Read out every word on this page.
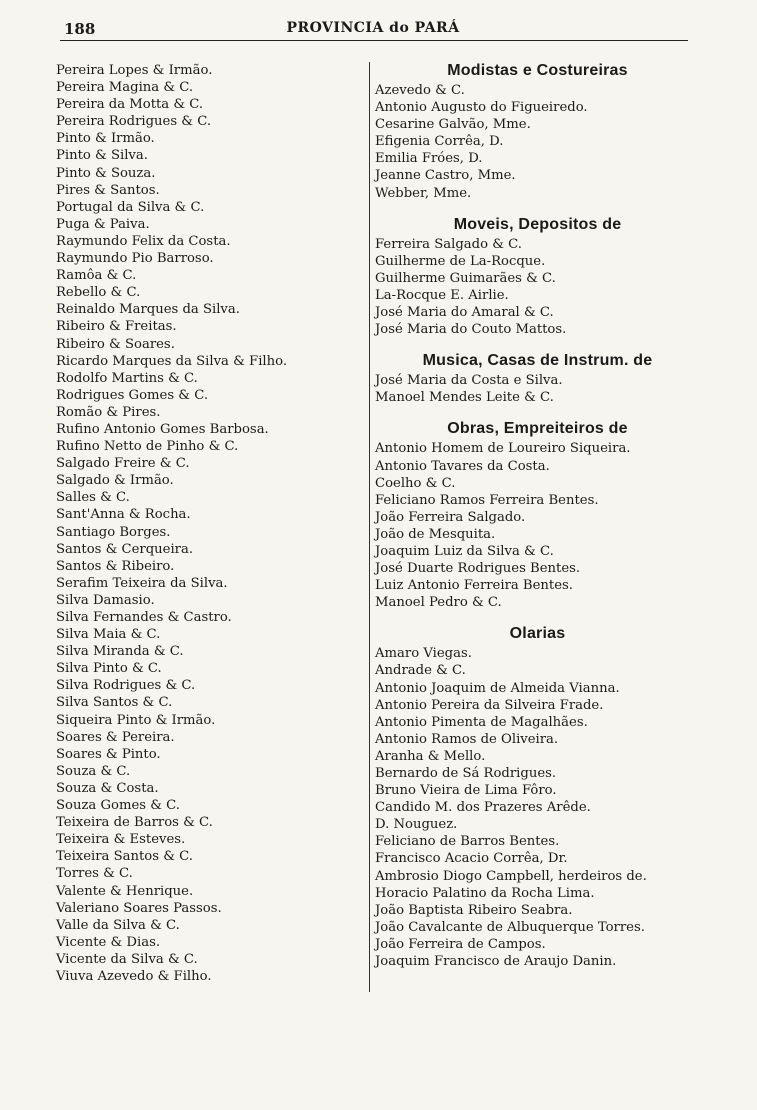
188	PROVINCIA do PARÁ
Pereira Lopes & Irmão.
Pereira Magina & C.
Pereira da Motta & C.
Pereira Rodrigues & C.
Pinto & Irmão.
Pinto & Silva.
Pinto & Souza.
Pires & Santos.
Portugal da Silva & C.
Puga & Paiva.
Raymundo Felix da Costa.
Raymundo Pio Barroso.
Ramôa & C.
Rebello & C.
Reinaldo Marques da Silva.
Ribeiro & Freitas.
Ribeiro & Soares.
Ricardo Marques da Silva & Filho.
Rodolfo Martins & C.
Rodrigues Gomes & C.
Romão & Pires.
Rufino Antonio Gomes Barbosa.
Rufino Netto de Pinho & C.
Salgado Freire & C.
Salgado & Irmão.
Salles & C.
Sant'Anna & Rocha.
Santiago Borges.
Santos & Cerqueira.
Santos & Ribeiro.
Serafim Teixeira da Silva.
Silva Damasio.
Silva Fernandes & Castro.
Silva Maia & C.
Silva Miranda & C.
Silva Pinto & C.
Silva Rodrigues & C.
Silva Santos & C.
Siqueira Pinto & Irmão.
Soares & Pereira.
Soares & Pinto.
Souza & C.
Souza & Costa.
Souza Gomes & C.
Teixeira de Barros & C.
Teixeira & Esteves.
Teixeira Santos & C.
Torres & C.
Valente & Henrique.
Valeriano Soares Passos.
Valle da Silva & C.
Vicente & Dias.
Vicente da Silva & C.
Viuva Azevedo & Filho.
Modistas e Costureiras
Azevedo & C.
Antonio Augusto do Figueiredo.
Cesarine Galvão, Mme.
Efigenia Corrêa, D.
Emilia Fróes, D.
Jeanne Castro, Mme.
Webber, Mme.
Moveis, Depositos de
Ferreira Salgado & C.
Guilherme de La-Rocque.
Guilherme Guimarães & C.
La-Rocque E. Airlie.
José Maria do Amaral & C.
José Maria do Couto Mattos.
Musica, Casas de Instrum. de
José Maria da Costa e Silva.
Manoel Mendes Leite & C.
Obras, Empreiteiros de
Antonio Homem de Loureiro Siqueira.
Antonio Tavares da Costa.
Coelho & C.
Feliciano Ramos Ferreira Bentes.
João Ferreira Salgado.
João de Mesquita.
Joaquim Luiz da Silva & C.
José Duarte Rodrigues Bentes.
Luiz Antonio Ferreira Bentes.
Manoel Pedro & C.
Olarias
Amaro Viegas.
Andrade & C.
Antonio Joaquim de Almeida Vianna.
Antonio Pereira da Silveira Frade.
Antonio Pimenta de Magalhães.
Antonio Ramos de Oliveira.
Aranha & Mello.
Bernardo de Sá Rodrigues.
Bruno Vieira de Lima Fôro.
Candido M. dos Prazeres Arêde.
D. Nouguez.
Feliciano de Barros Bentes.
Francisco Acacio Corrêa, Dr.
Ambrosio Diogo Campbell, herdeiros de.
Horacio Palatino da Rocha Lima.
João Baptista Ribeiro Seabra.
João Cavalcante de Albuquerque Torres.
João Ferreira de Campos.
Joaquim Francisco de Araujo Danin.
